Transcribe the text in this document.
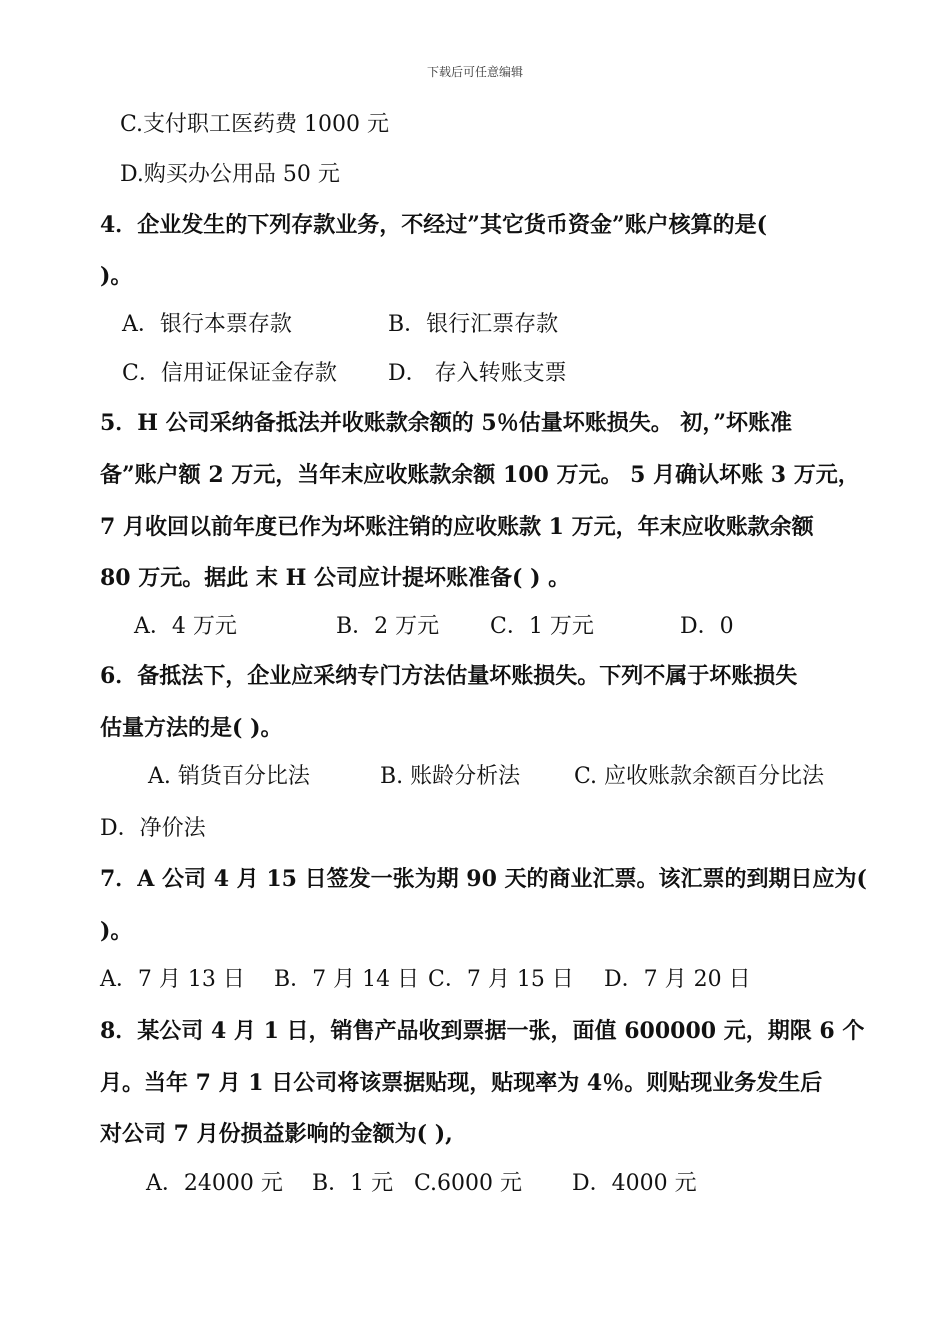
下载后可任意编辑
C.支付职工医药费 1000 元
D.购买办公用品 50 元
4．企业发生的下列存款业务，不经过”其它货币资金”账户核算的是(
)。
A．银行本票存款	B．银行汇票存款
C．信用证保证金存款 D． 存入转账支票
5．H 公司采纳备抵法并收账款余额的 5％估量坏账损失。 初，”坏账准
备”账户额 2 万元，当年末应收账款余额 100 万元。 5 月确认坏账 3 万元，
7 月收回以前年度已作为坏账注销的应收账款 1 万元，年末应收账款余额
80 万元。据此 末 H 公司应计提坏账准备( ) 。
A．4 万元	B．2 万元 C．1 万元	D．0
6．备抵法下，企业应采纳专门方法估量坏账损失。下列不属于坏账损失
估量方法的是( )。
A. 销货百分比法	B. 账龄分析法 C. 应收账款余额百分比法
D．净价法
7．A 公司 4 月 15 日签发一张为期 90 天的商业汇票。该汇票的到期日应为(
)。
A．7 月 13 日 B．7 月 14 日 C．7 月 15 日 D．7 月 20 日
8．某公司 4 月 1 日，销售产品收到票据一张，面值 600000 元，期限 6 个
月。当年 7 月 1 日公司将该票据贴现，贴现率为 4％。则贴现业务发生后
对公司 7 月份损益影响的金额为( ),
A．24000 元 B．1 元 C.6000 元 D．4000 元
